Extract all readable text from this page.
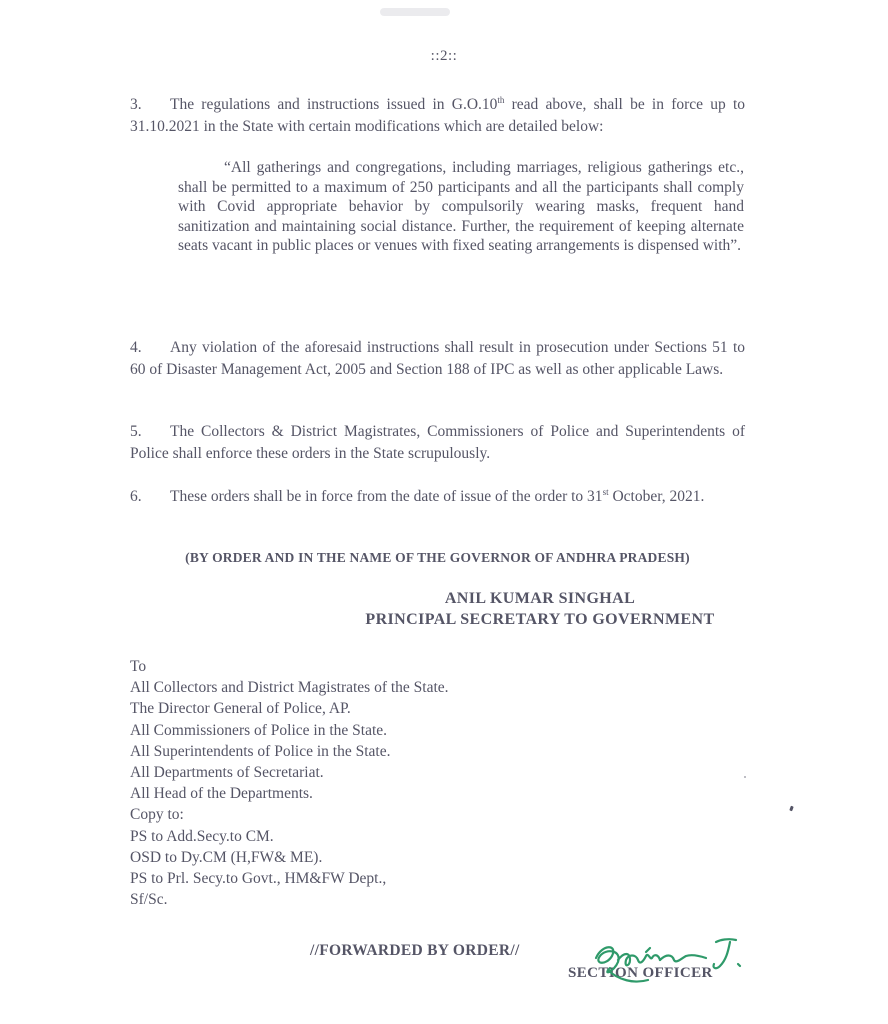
::2::
3. The regulations and instructions issued in G.O.10th read above, shall be in force up to 31.10.2021 in the State with certain modifications which are detailed below:
“All gatherings and congregations, including marriages, religious gatherings etc., shall be permitted to a maximum of 250 participants and all the participants shall comply with Covid appropriate behavior by compulsorily wearing masks, frequent hand sanitization and maintaining social distance. Further, the requirement of keeping alternate seats vacant in public places or venues with fixed seating arrangements is dispensed with”.
4. Any violation of the aforesaid instructions shall result in prosecution under Sections 51 to 60 of Disaster Management Act, 2005 and Section 188 of IPC as well as other applicable Laws.
5. The Collectors & District Magistrates, Commissioners of Police and Superintendents of Police shall enforce these orders in the State scrupulously.
6. These orders shall be in force from the date of issue of the order to 31st October, 2021.
(BY ORDER AND IN THE NAME OF THE GOVERNOR OF ANDHRA PRADESH)
ANIL KUMAR SINGHAL
PRINCIPAL SECRETARY TO GOVERNMENT
To
All Collectors and District Magistrates of the State.
The Director General of Police, AP.
All Commissioners of Police in the State.
All Superintendents of Police in the State.
All Departments of Secretariat.
All Head of the Departments.
Copy to:
PS to Add.Secy.to CM.
OSD to Dy.CM (H,FW& ME).
PS to Prl. Secy.to Govt., HM&FW Dept.,
Sf/Sc.
//FORWARDED BY ORDER//
SECTION OFFICER
